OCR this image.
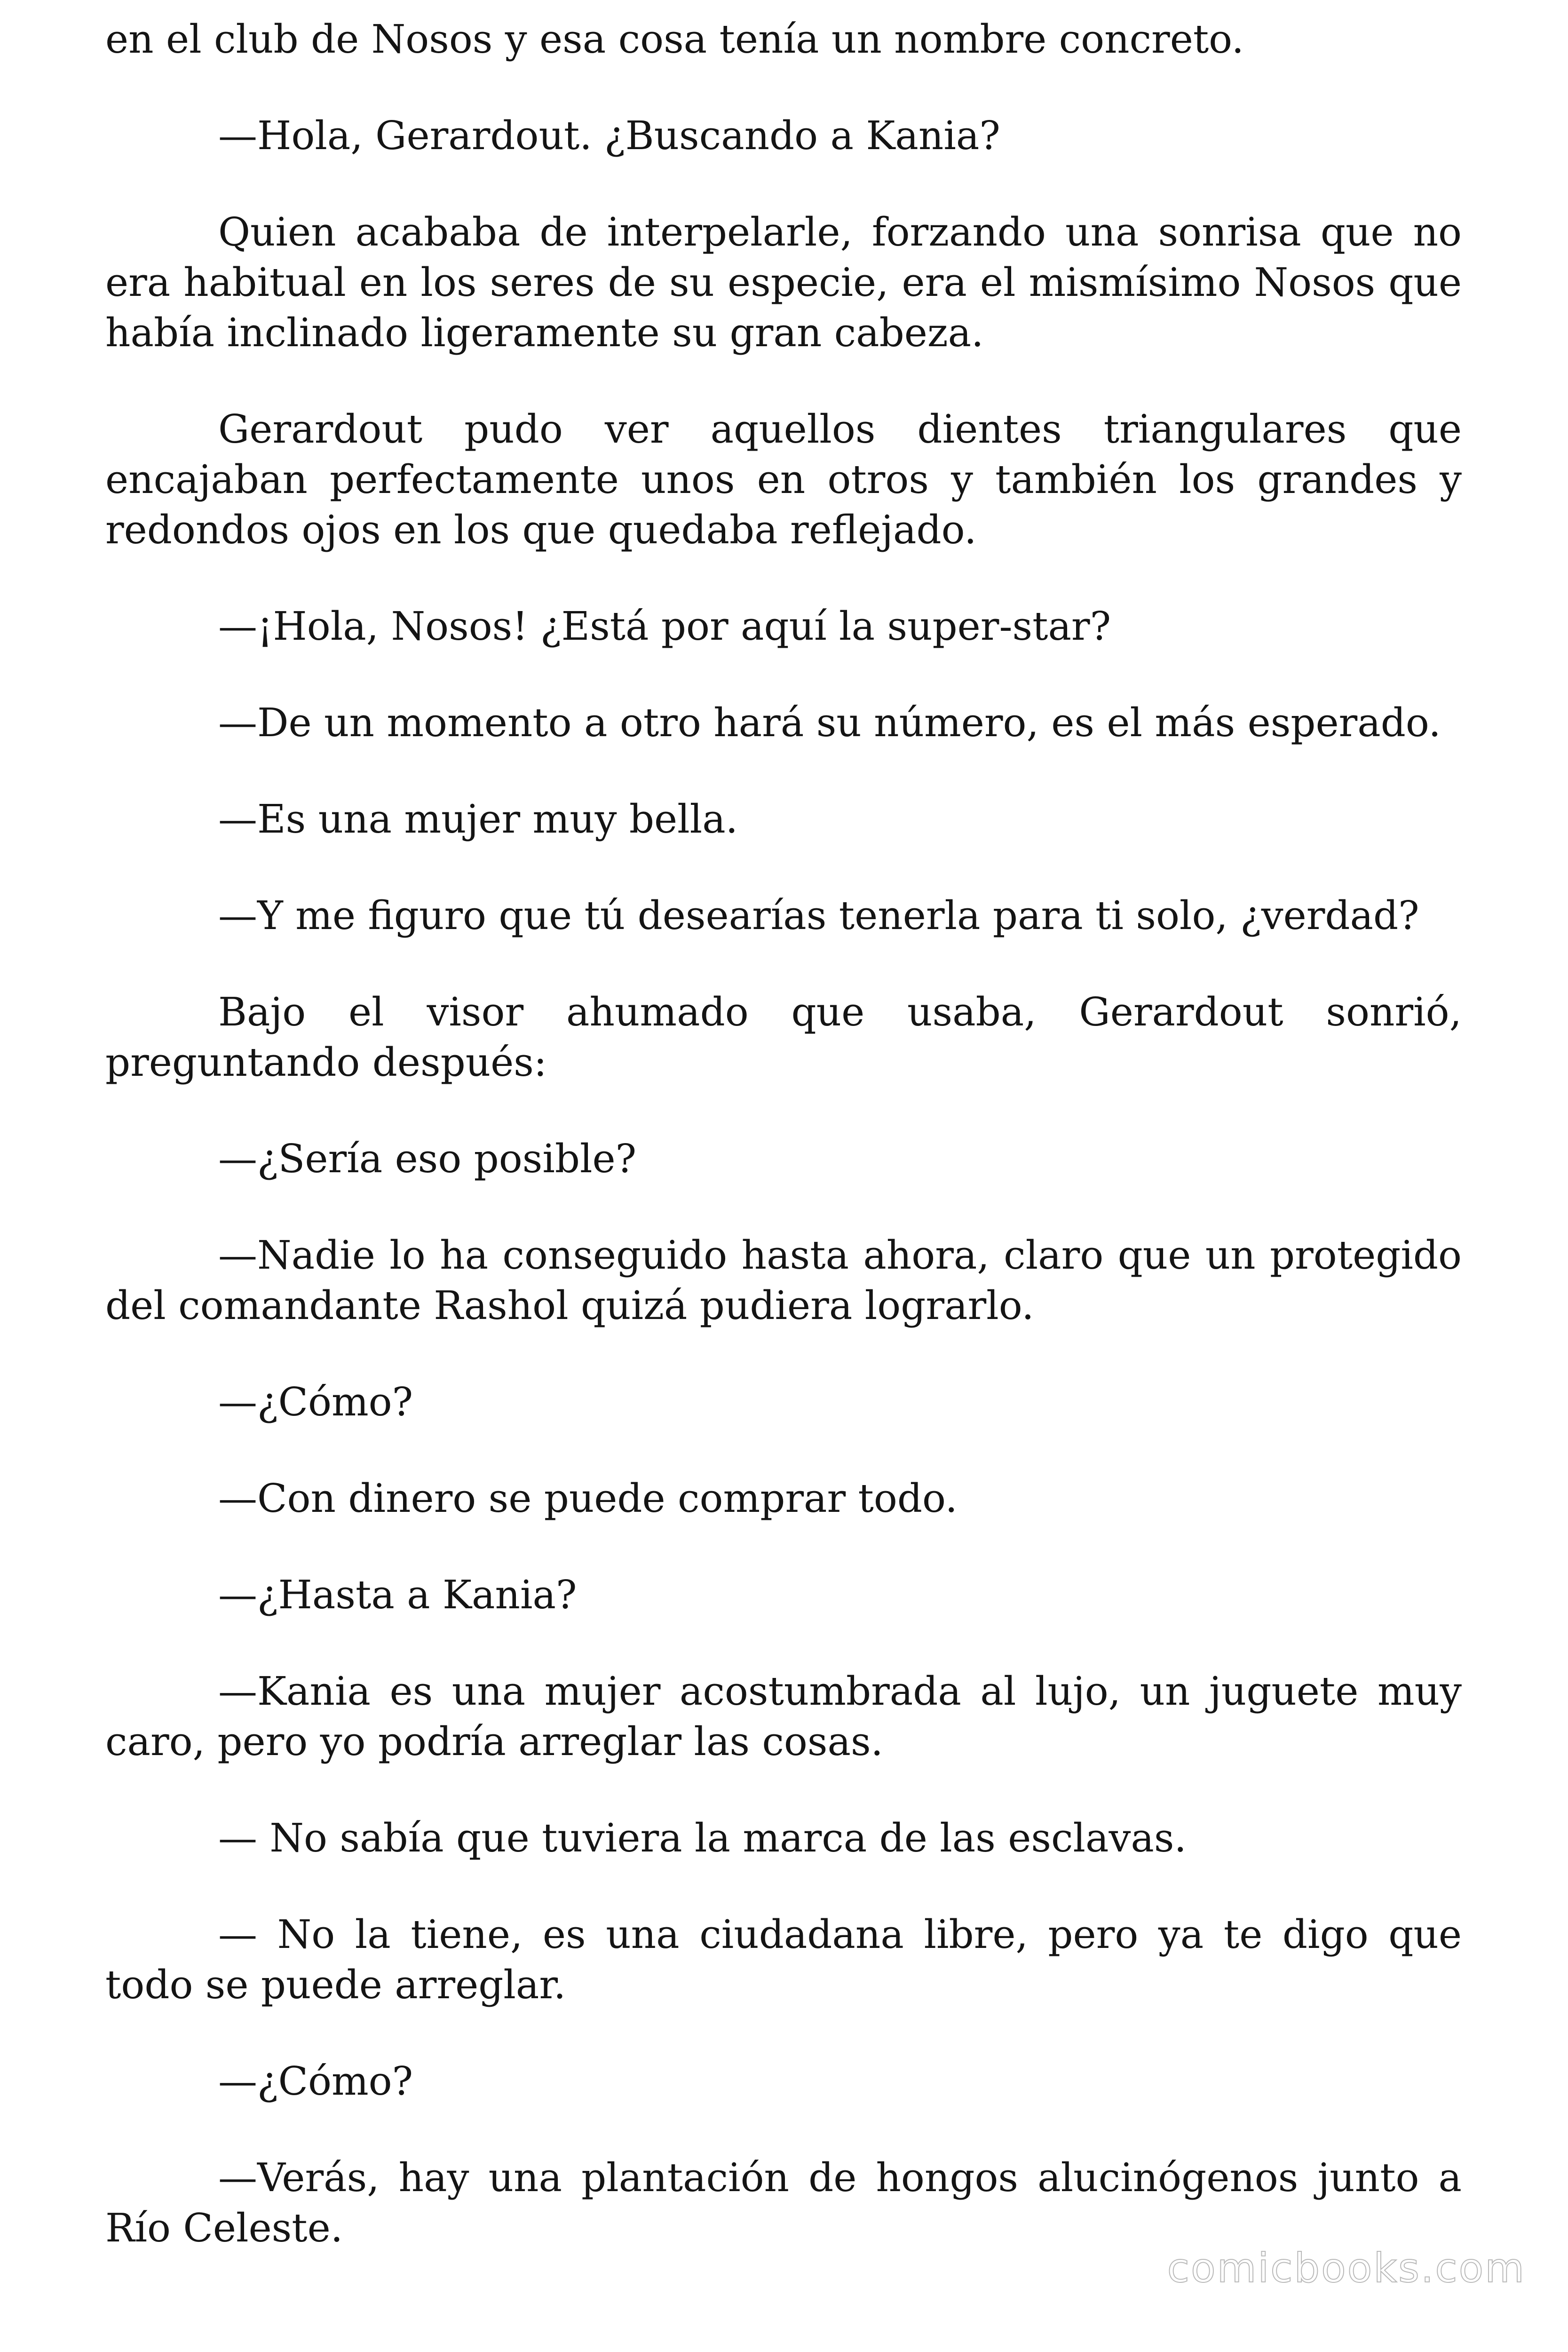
en el club de Nosos y esa cosa tenía un nombre concreto.

—Hola, Gerardout. ¿Buscando a Kania?

Quien acababa de interpelarle, forzando una sonrisa que no era habitual en los seres de su especie, era el mismísimo Nosos que había inclinado ligeramente su gran cabeza.

Gerardout pudo ver aquellos dientes triangulares que encajaban perfectamente unos en otros y también los grandes y redondos ojos en los que quedaba reflejado.

—¡Hola, Nosos! ¿Está por aquí la super-star?

—De un momento a otro hará su número, es el más esperado.

—Es una mujer muy bella.

—Y me figuro que tú desearías tenerla para ti solo, ¿verdad?

Bajo el visor ahumado que usaba, Gerardout sonrió, preguntando después:

—¿Sería eso posible?

—Nadie lo ha conseguido hasta ahora, claro que un protegido del comandante Rashol quizá pudiera lograrlo.

—¿Cómo?

—Con dinero se puede comprar todo.

—¿Hasta a Kania?

—Kania es una mujer acostumbrada al lujo, un juguete muy caro, pero yo podría arreglar las cosas.

— No sabía que tuviera la marca de las esclavas.

— No la tiene, es una ciudadana libre, pero ya te digo que todo se puede arreglar.

—¿Cómo?

—Verás, hay una plantación de hongos alucinógenos junto a Río Celeste.

comicbooks.com
